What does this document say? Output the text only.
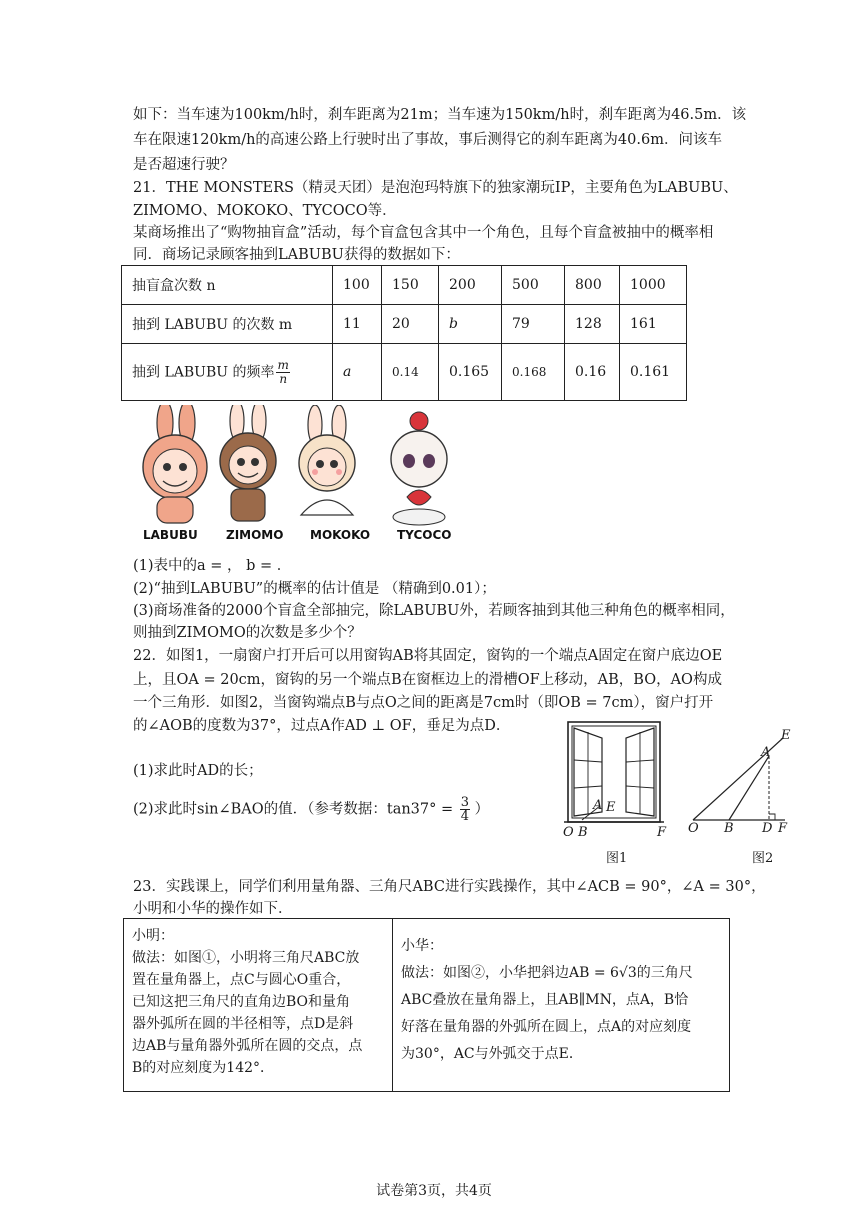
如下：当车速为100km/h时，刹车距离为21m；当车速为150km/h时，刹车距离为46.5m．该
车在限速120km/h的高速公路上行驶时出了事故，事后测得它的刹车距离为40.6m．问该车
是否超速行驶？
21．THE MONSTERS（精灵天团）是泡泡玛特旗下的独家潮玩IP，主要角色为LABUBU、
ZIMOMO、MOKOKO、TYCOCO等．
某商场推出了“购物抽盲盒”活动，每个盲盒包含其中一个角色，且每个盲盒被抽中的概率相
同．商场记录顾客抽到LABUBU获得的数据如下：
抽盲盒次数 n	100	150	200	500	800	1000
抽到 LABUBU 的次数 m	11	20	b	79	128	161
抽到 LABUBU 的频率 $\frac{m}{n}$	a	0.14	0.165	0.168	0.16	0.161
LABUBU ZIMOMO MOKOKO TYCOCO
(1)表中的a = ， b = ．
(2)“抽到LABUBU”的概率的估计值是 （精确到0.01）；
(3)商场准备的2000个盲盒全部抽完，除LABUBU外，若顾客抽到其他三种角色的概率相同，
则抽到ZIMOMO的次数是多少个？
22．如图1，一扇窗户打开后可以用窗钩AB将其固定，窗钩的一个端点A固定在窗户底边OE
上，且OA = 20cm，窗钩的另一个端点B在窗框边上的滑槽OF上移动，AB，BO，AO构成
一个三角形．如图2，当窗钩端点B与点O之间的距离是7cm时（即OB = 7cm），窗户打开
的∠AOB的度数为37°，过点A作AD ⊥ OF，垂足为点D．
(1)求此时AD的长；
(2)求此时sin∠BAO的值．（参考数据：$\tan 37^\circ = \frac{3}{4}$ ）
O B
A E
F
图1
E
A
O B D F
图2
23．实践课上，同学们利用量角器、三角尺ABC进行实践操作，其中∠ACB = 90°，∠A = 30°，
小明和小华的操作如下．
小明：
做法：如图①，小明将三角尺ABC放
置在量角器上，点C与圆心O重合，
已知这把三角尺的直角边BO和量角
器外弧所在圆的半径相等，点D是斜
边AB与量角器外弧所在圆的交点，点
B的对应刻度为142°．

小华：
做法：如图②，小华把斜边AB = 6√3的三角尺
ABC叠放在量角器上，且AB∥MN，点A，B恰
好落在量角器的外弧所在圆上，点A的对应刻度
为30°，AC与外弧交于点E．
试卷第3页，共4页
